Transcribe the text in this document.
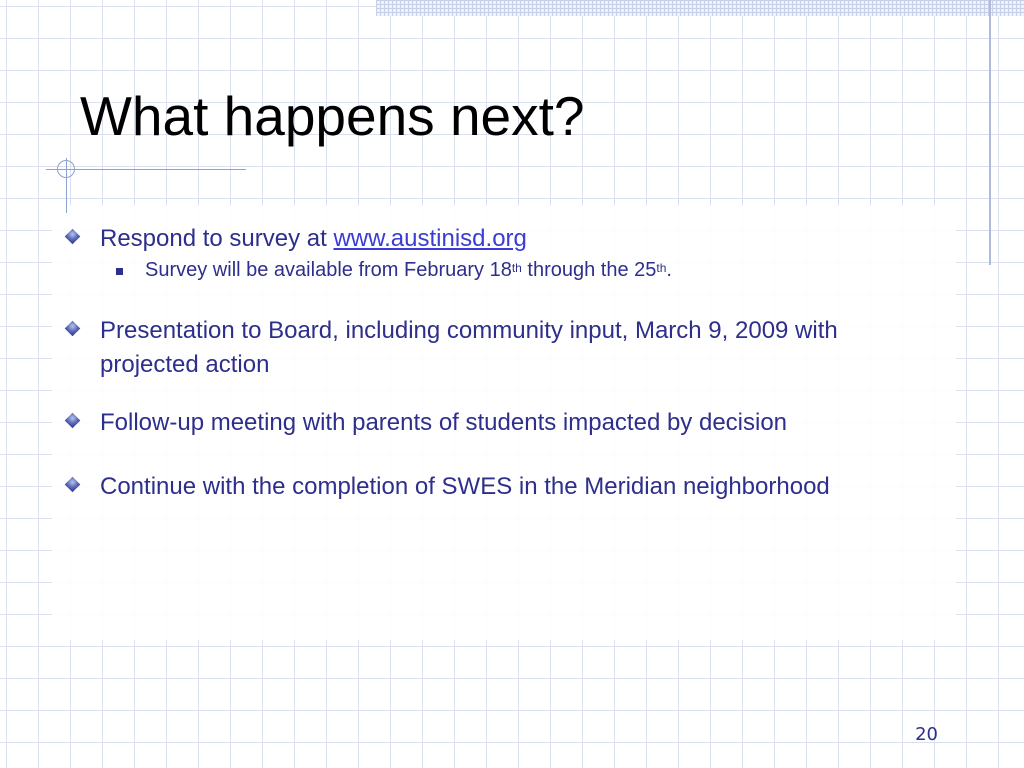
What happens next?
Respond to survey at www.austinisd.org
Survey will be available from February 18th through the 25th.
Presentation to Board, including community input, March 9, 2009 with projected action
Follow-up meeting with parents of students impacted by decision
Continue with the completion of SWES in the Meridian neighborhood
20
